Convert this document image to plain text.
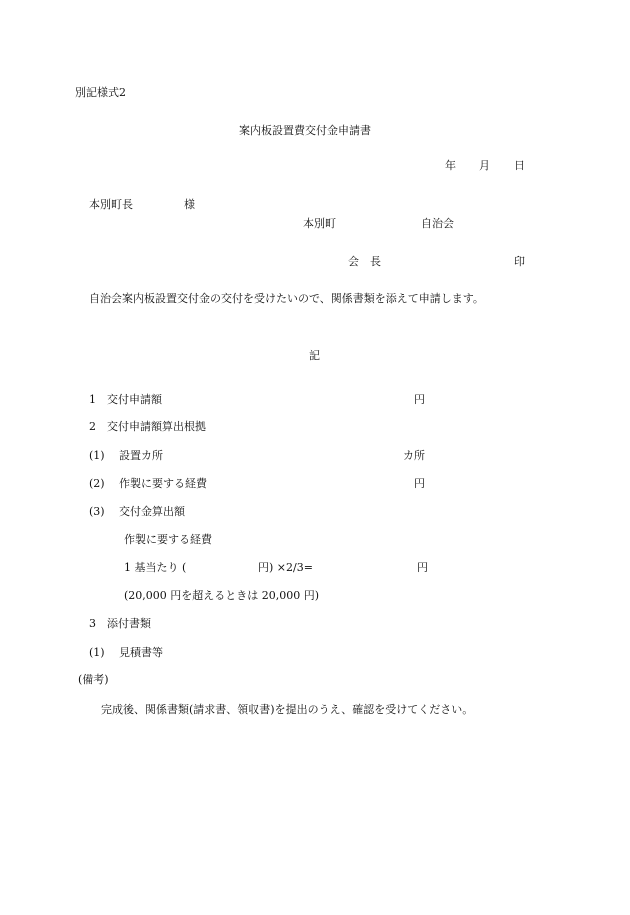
別記様式2
案内板設置費交付金申請書
年 月 日
本別町長	様
本別町	自治会
会　長	印
自治会案内板設置交付金の交付を受けたいので、関係書類を添えて申請します。
記
1 交付申請額	円
2 交付申請額算出根拠
(1) 設置カ所	カ所
(2) 作製に要する経費	円
(3) 交付金算出額
作製に要する経費
1 基当たり (	円) ×2/3=	円
(20,000 円を超えるときは 20,000 円)
3 添付書類
(1) 見積書等
(備考)
完成後、関係書類(請求書、領収書)を提出のうえ、確認を受けてください。
